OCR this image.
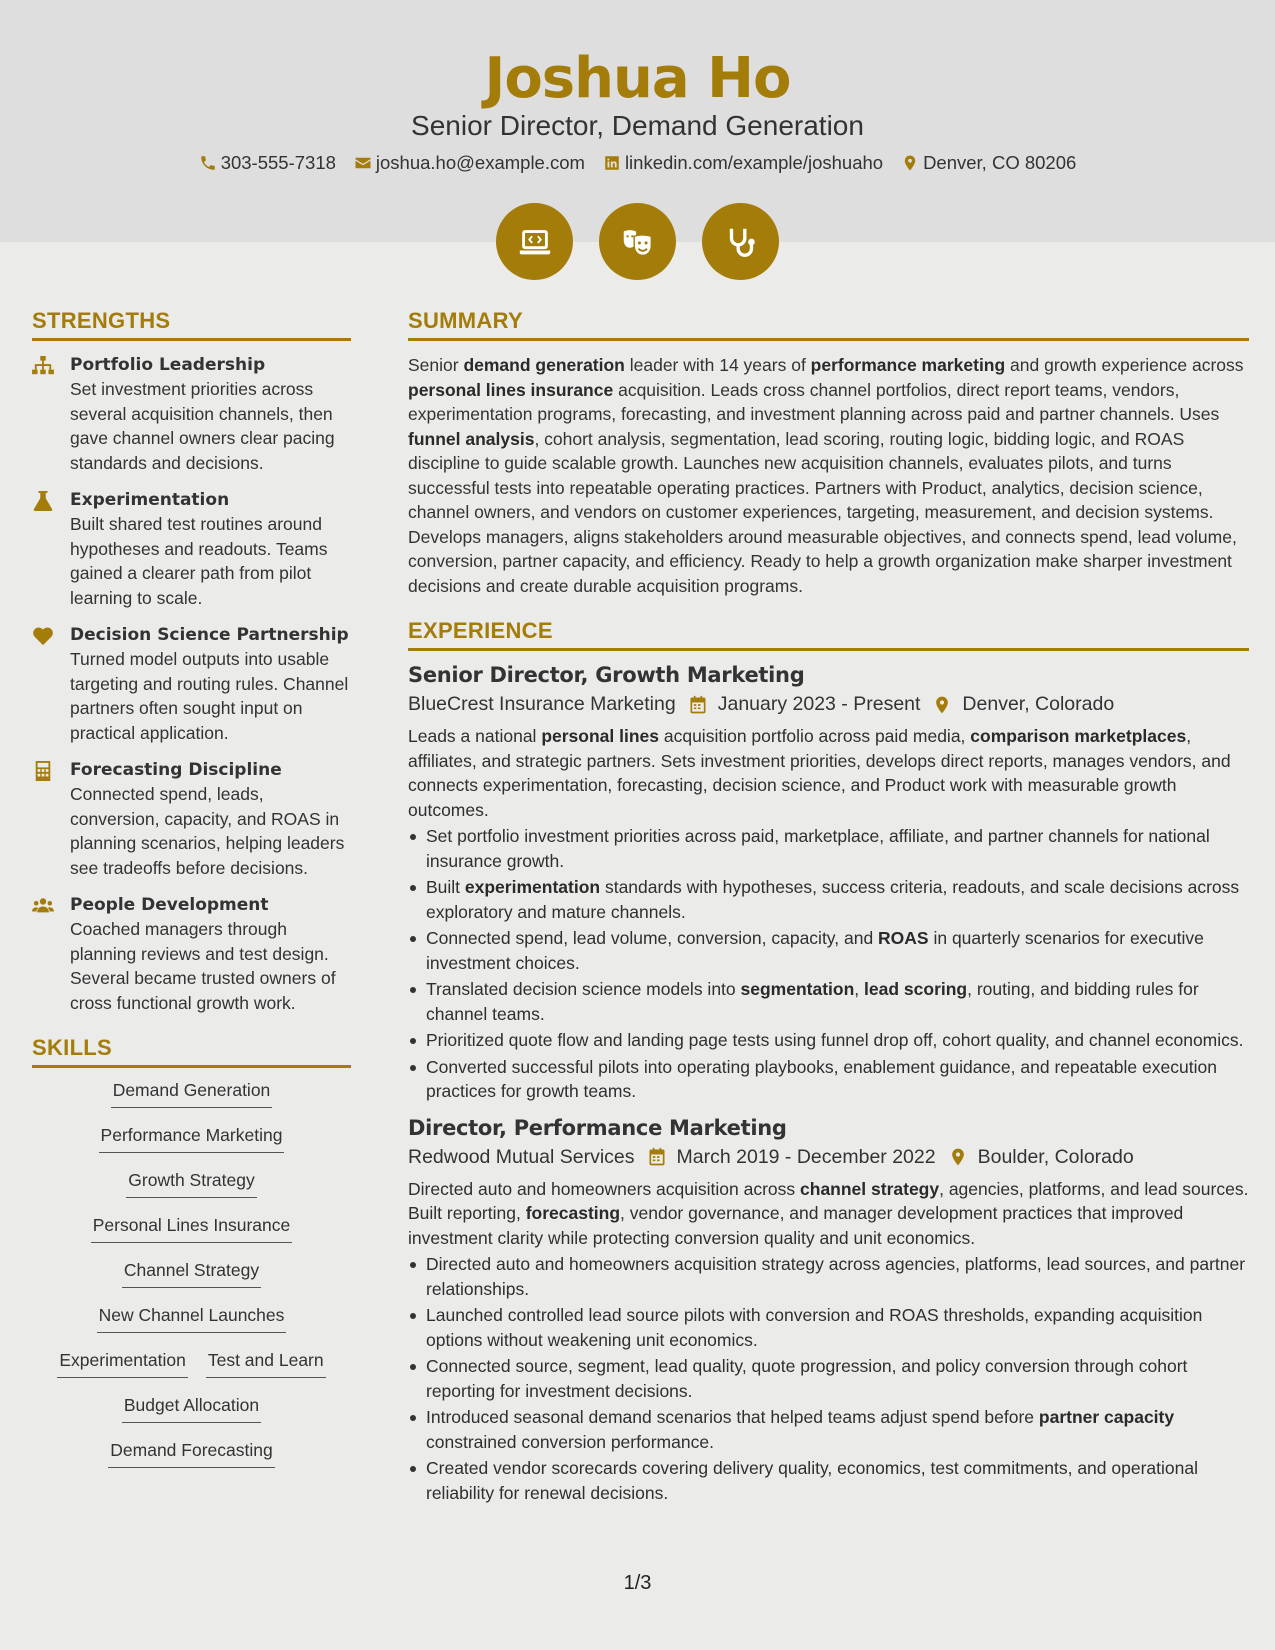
Joshua Ho
Senior Director, Demand Generation
303-555-7318 joshua.ho@example.com linkedin.com/example/joshuaho Denver, CO 80206
STRENGTHS
Portfolio Leadership

Set investment priorities across several acquisition channels, then gave channel owners clear pacing standards and decisions.

Experimentation

Built shared test routines around hypotheses and readouts. Teams gained a clearer path from pilot learning to scale.

Decision Science Partnership

Turned model outputs into usable targeting and routing rules. Channel partners often sought input on practical application.

Forecasting Discipline

Connected spend, leads, conversion, capacity, and ROAS in planning scenarios, helping leaders see tradeoffs before decisions.

People Development

Coached managers through planning reviews and test design. Several became trusted owners of cross functional growth work.

SKILLS
Demand Generation
Performance Marketing
Growth Strategy
Personal Lines Insurance
Channel Strategy
New Channel Launches
Experimentation Test and Learn
Budget Allocation
Demand Forecasting
SUMMARY

Senior demand generation leader with 14 years of performance marketing and growth experience across personal lines insurance acquisition. Leads cross channel portfolios, direct report teams, vendors, experimentation programs, forecasting, and investment planning across paid and partner channels. Uses funnel analysis, cohort analysis, segmentation, lead scoring, routing logic, bidding logic, and ROAS discipline to guide scalable growth. Launches new acquisition channels, evaluates pilots, and turns successful tests into repeatable operating practices. Partners with Product, analytics, decision science, channel owners, and vendors on customer experiences, targeting, measurement, and decision systems. Develops managers, aligns stakeholders around measurable objectives, and connects spend, lead volume, conversion, partner capacity, and efficiency. Ready to help a growth organization make sharper investment decisions and create durable acquisition programs.

EXPERIENCE
Senior Director, Growth Marketing
BlueCrest Insurance Marketing January 2023 - Present Denver, Colorado

Leads a national personal lines acquisition portfolio across paid media, comparison marketplaces, affiliates, and strategic partners. Sets investment priorities, develops direct reports, manages vendors, and connects experimentation, forecasting, decision science, and Product work with measurable growth outcomes.

Set portfolio investment priorities across paid, marketplace, affiliate, and partner channels for national insurance growth.
Built experimentation standards with hypotheses, success criteria, readouts, and scale decisions across exploratory and mature channels.
Connected spend, lead volume, conversion, capacity, and ROAS in quarterly scenarios for executive investment choices.
Translated decision science models into segmentation, lead scoring, routing, and bidding rules for channel teams.
Prioritized quote flow and landing page tests using funnel drop off, cohort quality, and channel economics.
Converted successful pilots into operating playbooks, enablement guidance, and repeatable execution practices for growth teams.
Director, Performance Marketing
Redwood Mutual Services March 2019 - December 2022 Boulder, Colorado

Directed auto and homeowners acquisition across channel strategy, agencies, platforms, and lead sources. Built reporting, forecasting, vendor governance, and manager development practices that improved investment clarity while protecting conversion quality and unit economics.

Directed auto and homeowners acquisition strategy across agencies, platforms, lead sources, and partner relationships.
Launched controlled lead source pilots with conversion and ROAS thresholds, expanding acquisition options without weakening unit economics.
Connected source, segment, lead quality, quote progression, and policy conversion through cohort reporting for investment decisions.
Introduced seasonal demand scenarios that helped teams adjust spend before partner capacity constrained conversion performance.
Created vendor scorecards covering delivery quality, economics, test commitments, and operational reliability for renewal decisions.
1/3
